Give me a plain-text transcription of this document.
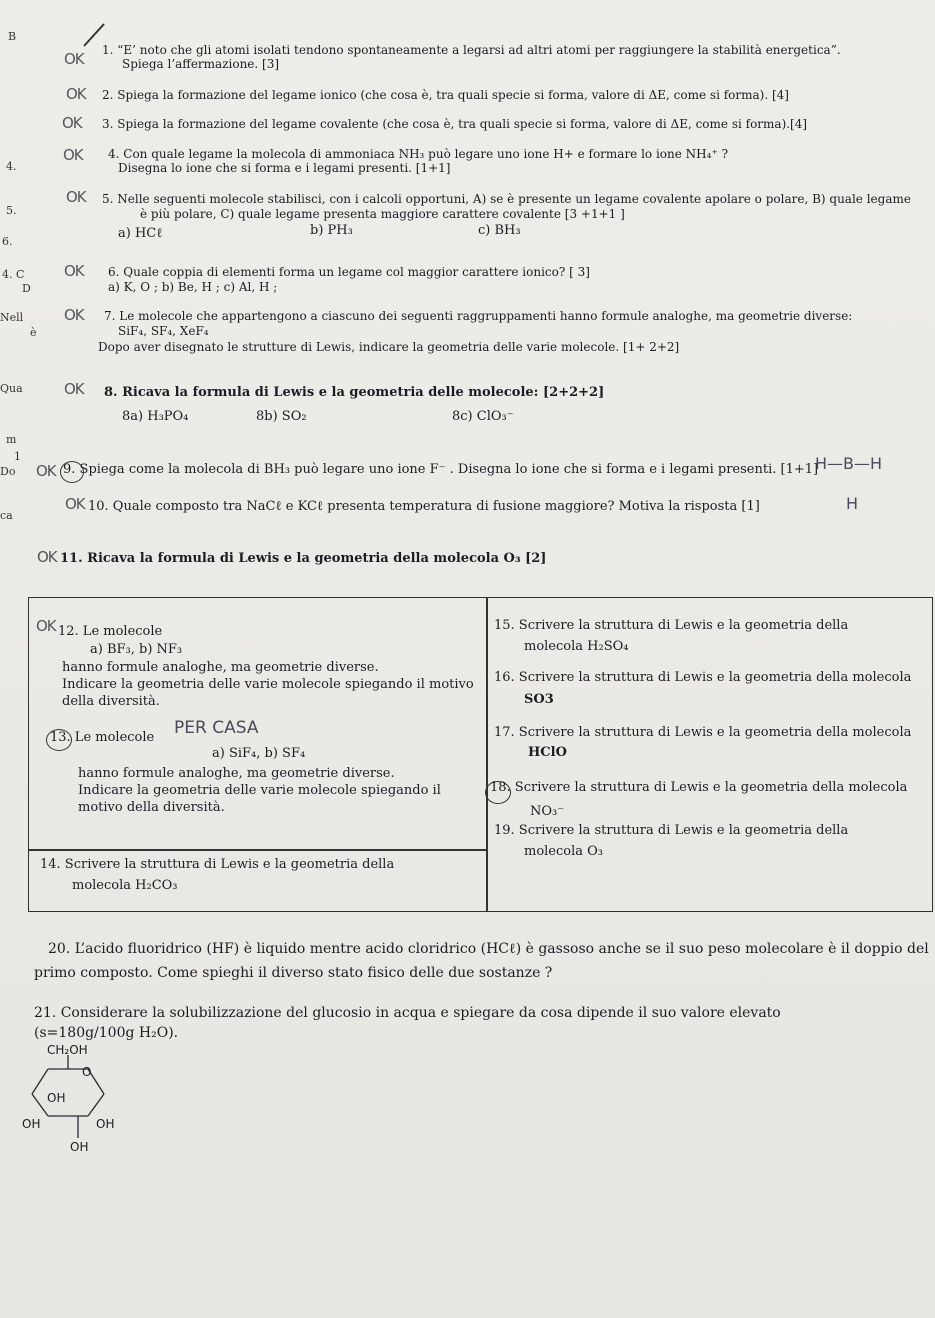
B
4.
5.
6.
4. C
D
Nell
è
Qua
m
1
Do
ca
OK
OK
OK
OK
OK
OK
OK
OK
OK
OK
OK
OK
1. “E’ noto che gli atomi isolati tendono spontaneamente a legarsi ad altri atomi per raggiungere la stabilità energetica”.
Spiega l’affermazione. [3]
2. Spiega la formazione del legame ionico (che cosa è, tra quali specie si forma, valore di ΔE, come si forma). [4]
3. Spiega la formazione del legame covalente (che cosa è, tra quali specie si forma, valore di ΔE, come si forma).[4]
4. Con quale legame la molecola di ammoniaca NH₃ può legare uno ione H+ e formare lo ione NH₄⁺ ?
Disegna lo ione che si forma e i legami presenti. [1+1]
5. Nelle seguenti molecole stabilisci, con i calcoli opportuni, A) se è presente un legame covalente apolare o polare, B) quale legame
è più polare, C) quale legame presenta maggiore carattere covalente [3 +1+1 ]
a) HCℓ	b) PH₃	c) BH₃
6. Quale coppia di elementi forma un legame col maggior carattere ionico? [ 3]
a) K, O ; b) Be, H ; c) Al, H ;
7. Le molecole che appartengono a ciascuno dei seguenti raggruppamenti hanno formule analoghe, ma geometrie diverse:
SiF₄, SF₄, XeF₄
Dopo aver disegnato le strutture di Lewis, indicare la geometria delle varie molecole. [1+ 2+2]
8. Ricava la formula di Lewis e la geometria delle molecole: [2+2+2]
8a) H₃PO₄	8b) SO₂	8c) ClO₃⁻
9. Spiega come la molecola di BH₃ può legare uno ione F⁻ . Disegna lo ione che si forma e i legami presenti. [1+1]
H—B—H
H
10. Quale composto tra NaCℓ e KCℓ presenta temperatura di fusione maggiore? Motiva la risposta [1]
11. Ricava la formula di Lewis e la geometria della molecola O₃ [2]
12. Le molecole
a) BF₃, b) NF₃
hanno formule analoghe, ma geometrie diverse.
Indicare la geometria delle varie molecole spiegando il motivo
della diversità.
13. Le molecole PER CASA
a) SiF₄, b) SF₄
hanno formule analoghe, ma geometrie diverse.
Indicare la geometria delle varie molecole spiegando il
motivo della diversità.
14. Scrivere la struttura di Lewis e la geometria della
molecola H₂CO₃
15. Scrivere la struttura di Lewis e la geometria della
molecola H₂SO₄
16. Scrivere la struttura di Lewis e la geometria della molecola
SO3
17. Scrivere la struttura di Lewis e la geometria della molecola
HClO
18. Scrivere la struttura di Lewis e la geometria della molecola
NO₃⁻
19. Scrivere la struttura di Lewis e la geometria della
molecola O₃
20. L’acido fluoridrico (HF) è liquido mentre acido cloridrico (HCℓ) è gassoso anche se il suo peso molecolare è il doppio del
primo composto. Come spieghi il diverso stato fisico delle due sostanze ?
21. Considerare la solubilizzazione del glucosio in acqua e spiegare da cosa dipende il suo valore elevato
(s=180g/100g H₂O).
CH₂OH
O
OH
OH	OH
OH
